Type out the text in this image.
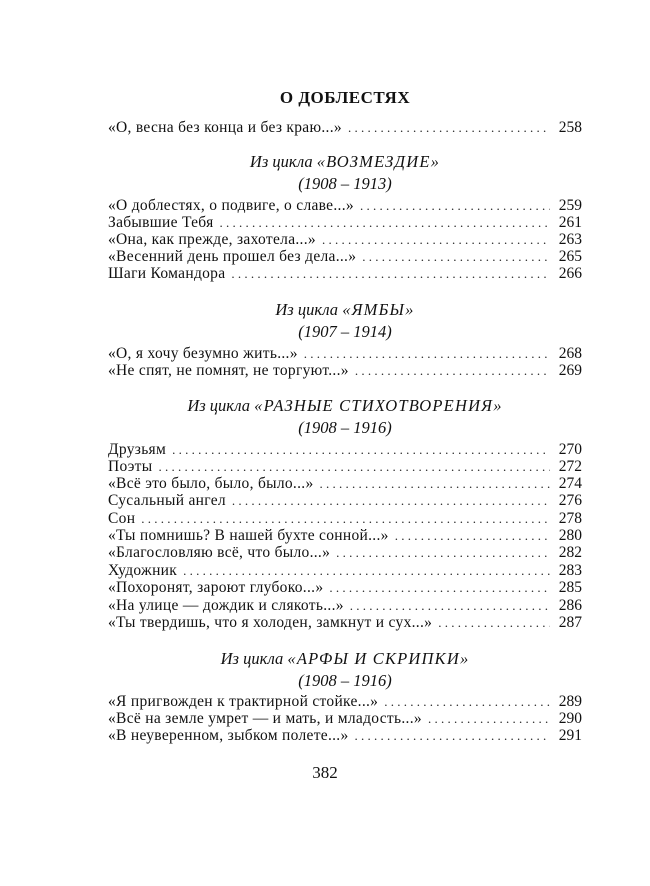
О ДОБЛЕСТЯХ
«О, весна без конца и без краю...» . . .	258
Из цикла «ВОЗМЕЗДИЕ»
(1908 – 1913)
«О доблестях, о подвиге, о славе...» . . .	259
Забывшие Тебя . . .	261
«Она, как прежде, захотела...» . . .	263
«Весенний день прошел без дела...» . . .	265
Шаги Командора . . .	266
Из цикла «ЯМБЫ»
(1907 – 1914)
«О, я хочу безумно жить...» . . .	268
«Не спят, не помнят, не торгуют...» . . .	269
Из цикла «РАЗНЫЕ СТИХОТВОРЕНИЯ»
(1908 – 1916)
Друзьям . . .	270
Поэты . . .	272
«Всё это было, было, было...» . . .	274
Сусальный ангел . . .	276
Сон . . .	278
«Ты помнишь? В нашей бухте сонной...» . . .	280
«Благословляю всё, что было...» . . .	282
Художник . . .	283
«Похоронят, зароют глубоко...» . . .	285
«На улице — дождик и слякоть...» . . .	286
«Ты твердишь, что я холоден, замкнут и сух...» . . .	287
Из цикла «АРФЫ И СКРИПКИ»
(1908 – 1916)
«Я пригвожден к трактирной стойке...» . . .	289
«Всё на земле умрет — и мать, и младость...» . . .	290
«В неуверенном, зыбком полете...» . . .	291
382
